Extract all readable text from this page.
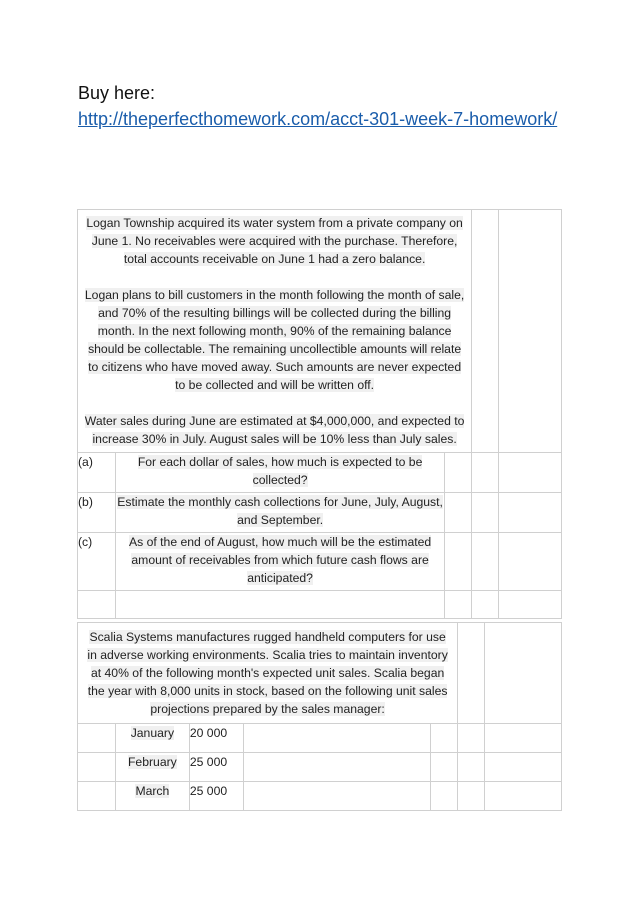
Buy here:
http://theperfecthomework.com/acct-301-week-7-homework/

Logan Township acquired its water system from a private company on June 1. No receivables were acquired with the purchase. Therefore, total accounts receivable on June 1 had a zero balance.

Logan plans to bill customers in the month following the month of sale, and 70% of the resulting billings will be collected during the billing month. In the next following month, 90% of the remaining balance should be collectable. The remaining uncollectible amounts will relate to citizens who have moved away. Such amounts are never expected to be collected and will be written off.

Water sales during June are estimated at $4,000,000, and expected to increase 30% in July. August sales will be 10% less than July sales.				

(a)	For each dollar of sales, how much is expected to be collected?			
(b)	Estimate the monthly cash collections for June, July, August, and September.			
(c)	As of the end of August, how much will be the estimated amount of receivables from which future cash flows are anticipated?			

Scalia Systems manufactures rugged handheld computers for use in adverse working environments. Scalia tries to maintain inventory at 40% of the following month's expected unit sales. Scalia began the year with 8,000 units in stock, based on the following unit sales projections prepared by the sales manager:						

	January	20 000				
	February	25 000				
	March	25 000				
